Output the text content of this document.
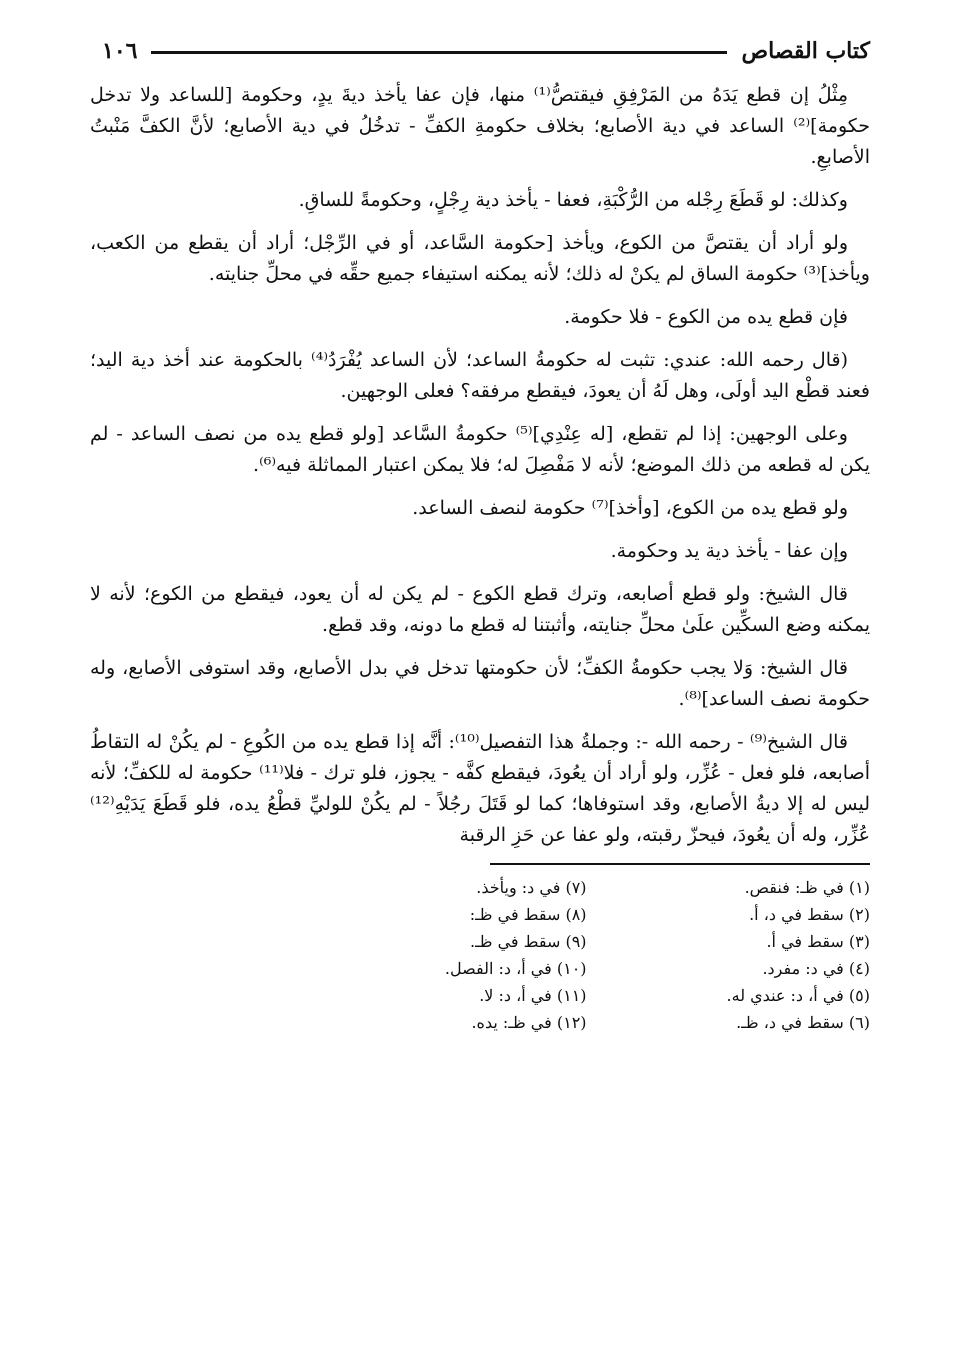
كتاب القصاص
١٠٦

مِثْلُ إن قطع يَدَهُ من المَرْفِقِ فيقتصُّ⁽¹⁾ منها، فإن عفا يأخذ ديةَ يدٍ، وحكومة [للساعد ولا تدخل حكومة]⁽²⁾ الساعد في دية الأصابع؛ بخلاف حكومةِ الكفِّ - تدخُلُ في دية الأصابع؛ لأنَّ الكفَّ مَنْبتُ الأصابعِ.

وكذلك: لو قَطَعَ رِجْله من الرُّكْبَةِ، فعفا - يأخذ دية رِجْلٍ، وحكومةً للساقِ.

ولو أراد أن يقتصَّ من الكوع، ويأخذ [حكومة السَّاعد، أو في الرِّجْل؛ أراد أن يقطع من الكعب، ويأخذ]⁽³⁾ حكومة الساق لم يكنْ له ذلك؛ لأنه يمكنه استيفاء جميع حقِّه في محلِّ جنايته.

فإن قطع يده من الكوع - فلا حكومة.

(قال رحمه الله: عندي: تثبت له حكومةُ الساعد؛ لأن الساعد يُفْرَدُ⁽⁴⁾ بالحكومة عند أخذ دية اليد؛ فعند قطْع اليد أولَى، وهل لَهُ أن يعودَ، فيقطع مرفقه؟ فعلى الوجهين.

وعلى الوجهين: إذا لم تقطع، [له عِنْدِي]⁽⁵⁾ حكومةُ السَّاعد [ولو قطع يده من نصف الساعد - لم يكن له قطعه من ذلك الموضع؛ لأنه لا مَفْصِلَ له؛ فلا يمكن اعتبار المماثلة فيه⁽⁶⁾.

ولو قطع يده من الكوع، [وأخذ]⁽⁷⁾ حكومة لنصف الساعد.

وإن عفا - يأخذ دية يد وحكومة.

قال الشيخ: ولو قطع أصابعه، وترك قطع الكوع - لم يكن له أن يعود، فيقطع من الكوع؛ لأنه لا يمكنه وضع السكِّين علَىٰ محلِّ جنايته، وأثبتنا له قطع ما دونه، وقد قطع.

قال الشيخ: وَلا يجب حكومةُ الكفِّ؛ لأن حكومتها تدخل في بدل الأصابع، وقد استوفى الأصابع، وله حكومة نصف الساعد]⁽⁸⁾.

قال الشيخ⁽⁹⁾ - رحمه الله -: وجملةُ هذا التفصيل⁽¹⁰⁾: أنَّه إذا قطع يده من الكُوعِ - لم يكُنْ له التقاطُ أصابعه، فلو فعل - عُزِّر، ولو أراد أن يعُودَ، فيقطع كفَّه - يجوز، فلو ترك - فلا⁽¹¹⁾ حكومة له للكفِّ؛ لأنه ليس له إلا ديةُ الأصابع، وقد استوفاها؛ كما لو قَتَلَ رجُلاً - لم يكُنْ للوليِّ قطْعُ يده، فلو قَطَعَ يَدَيْهِ⁽¹²⁾ عُزِّر، وله أن يعُودَ، فيحزّ رقبته، ولو عفا عن حَزِ الرقبة

(١) في ظـ: فنقص.
(٢) سقط في د، أ.
(٣) سقط في أ.
(٤) في د: مفرد.
(٥) في أ، د: عندي له.
(٦) سقط في د، ظـ.
(٧) في د: ويأخذ.
(٨) سقط في ظـ:
(٩) سقط في ظـ.
(١٠) في أ، د: الفصل.
(١١) في أ، د: لا.
(١٢) في ظـ: يده.
